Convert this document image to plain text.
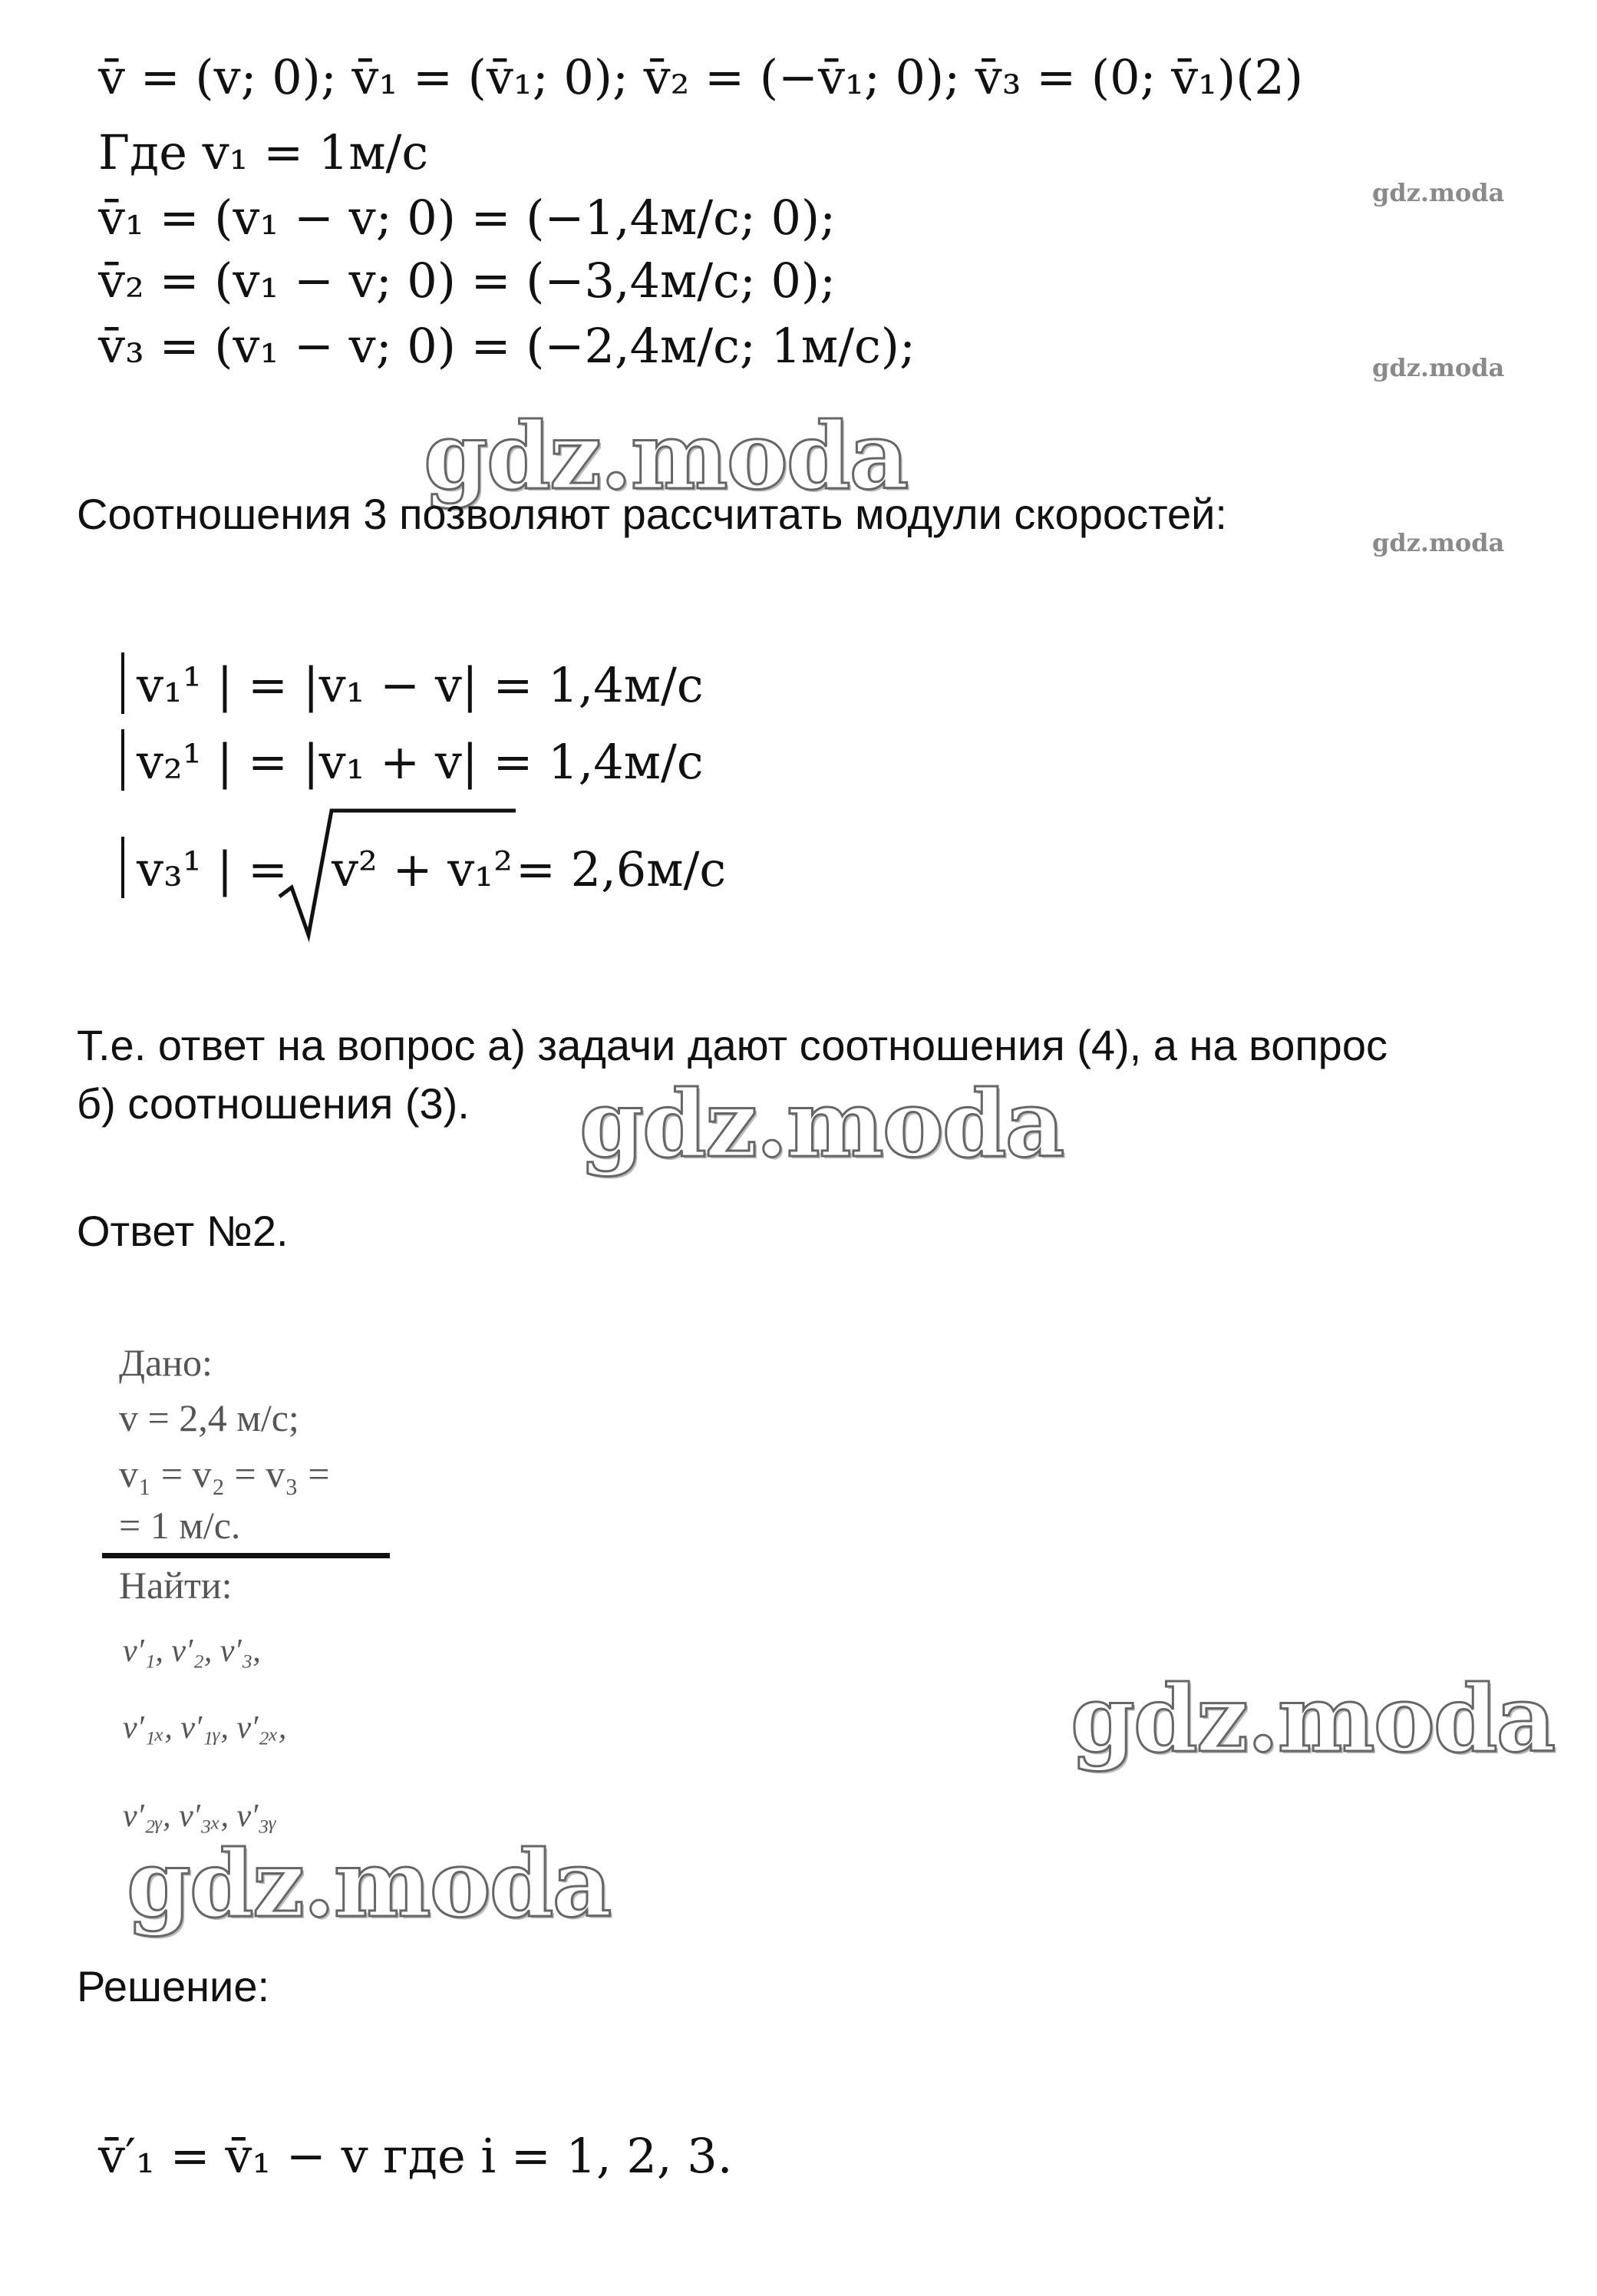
v̄ = (v; 0); v̄₁ = (v̄₁; 0); v̄₂ = (−v̄₁; 0); v̄₃ = (0; v̄₁)(2)
Где v₁ = 1м/с
v̄₁ = (v₁ − v; 0) = (−1,4м/с; 0);
v̄₂ = (v₁ − v; 0) = (−3,4м/с; 0);
v̄₃ = (v₁ − v; 0) = (−2,4м/с; 1м/с);
gdz.moda
gdz.moda
gdz.moda
gdz.moda
Соотношения 3 позволяют рассчитать модули скоростей:
v₁¹ | = |v₁ − v| = 1,4м/с
v₂¹ | = |v₁ + v| = 1,4м/с
v₃¹ | = v² + v₁² = 2,6м/с
Т.е. ответ на вопрос а) задачи дают соотношения (4), а на вопрос
б) соотношения (3). gdz.moda
Ответ №2.
Дано:
v = 2,4 м/с;
v₁ = v₂ = v₃ =
= 1 м/с.
Найти:
v′₁, v′₂, v′₃,
v′₁ₓ, v′₁ᵧ, v′₂ₓ,
v′₂ᵧ, v′₃ₓ, v′₃ᵧ
gdz.moda
gdz.moda
Решение:
v̄′₁ = v̄₁ − v где i = 1, 2, 3.
